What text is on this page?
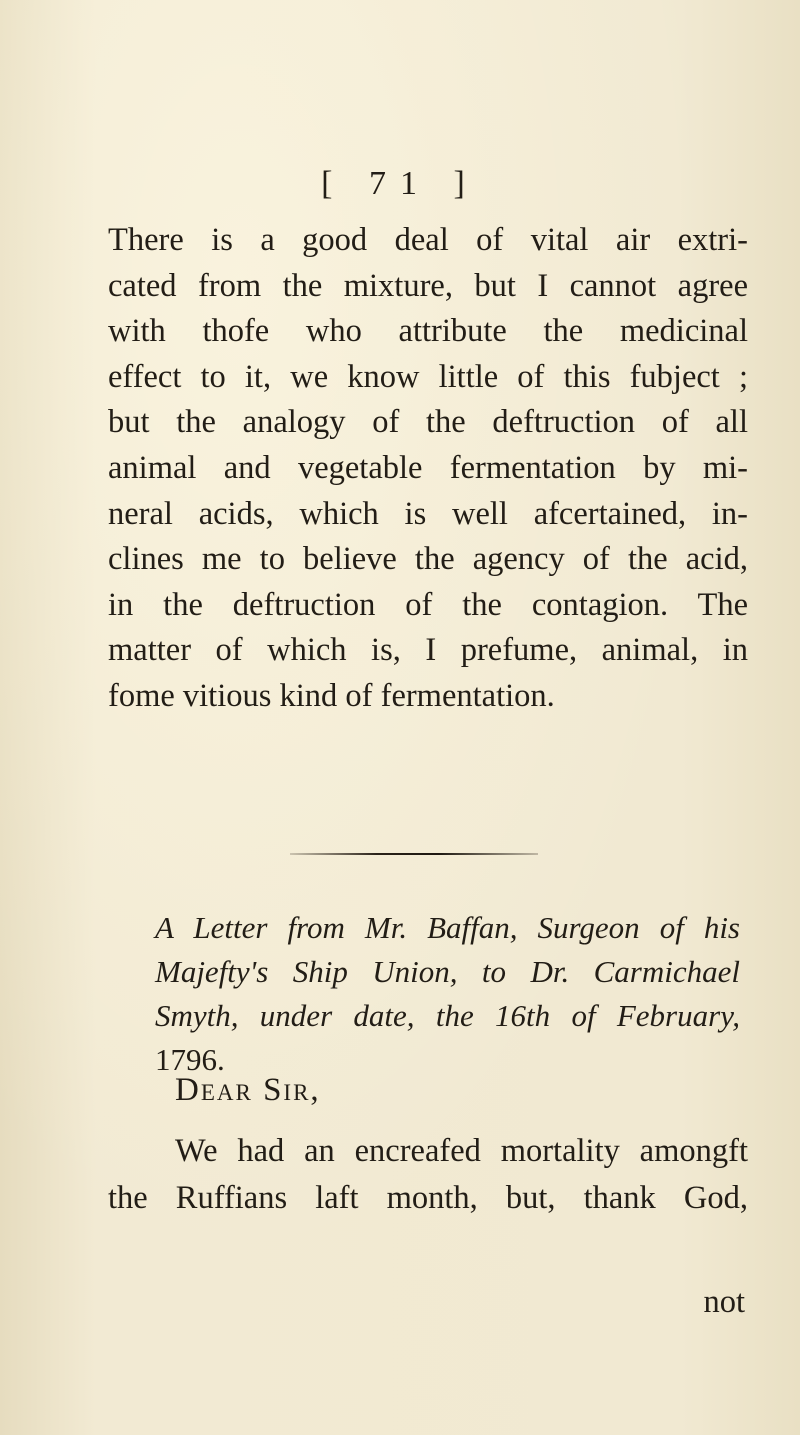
[ 71 ]
There is a good deal of vital air extri-
cated from the mixture, but I cannot agree
with thofe who attribute the medicinal
effect to it, we know little of this fubject ;
but the analogy of the deftruction of all
animal and vegetable fermentation by mi-
neral acids, which is well afcertained, in-
clines me to believe the agency of the acid,
in the deftruction of the contagion. The
matter of which is, I prefume, animal, in
fome vitious kind of fermentation.
A Letter from Mr. Baffan, Surgeon of his
Majefty's Ship Union, to Dr. Carmichael
Smyth, under date, the 16th of February,
1796.
Dear Sir,
We had an encreafed mortality amongft
the Ruffians laft month, but, thank God,
not
